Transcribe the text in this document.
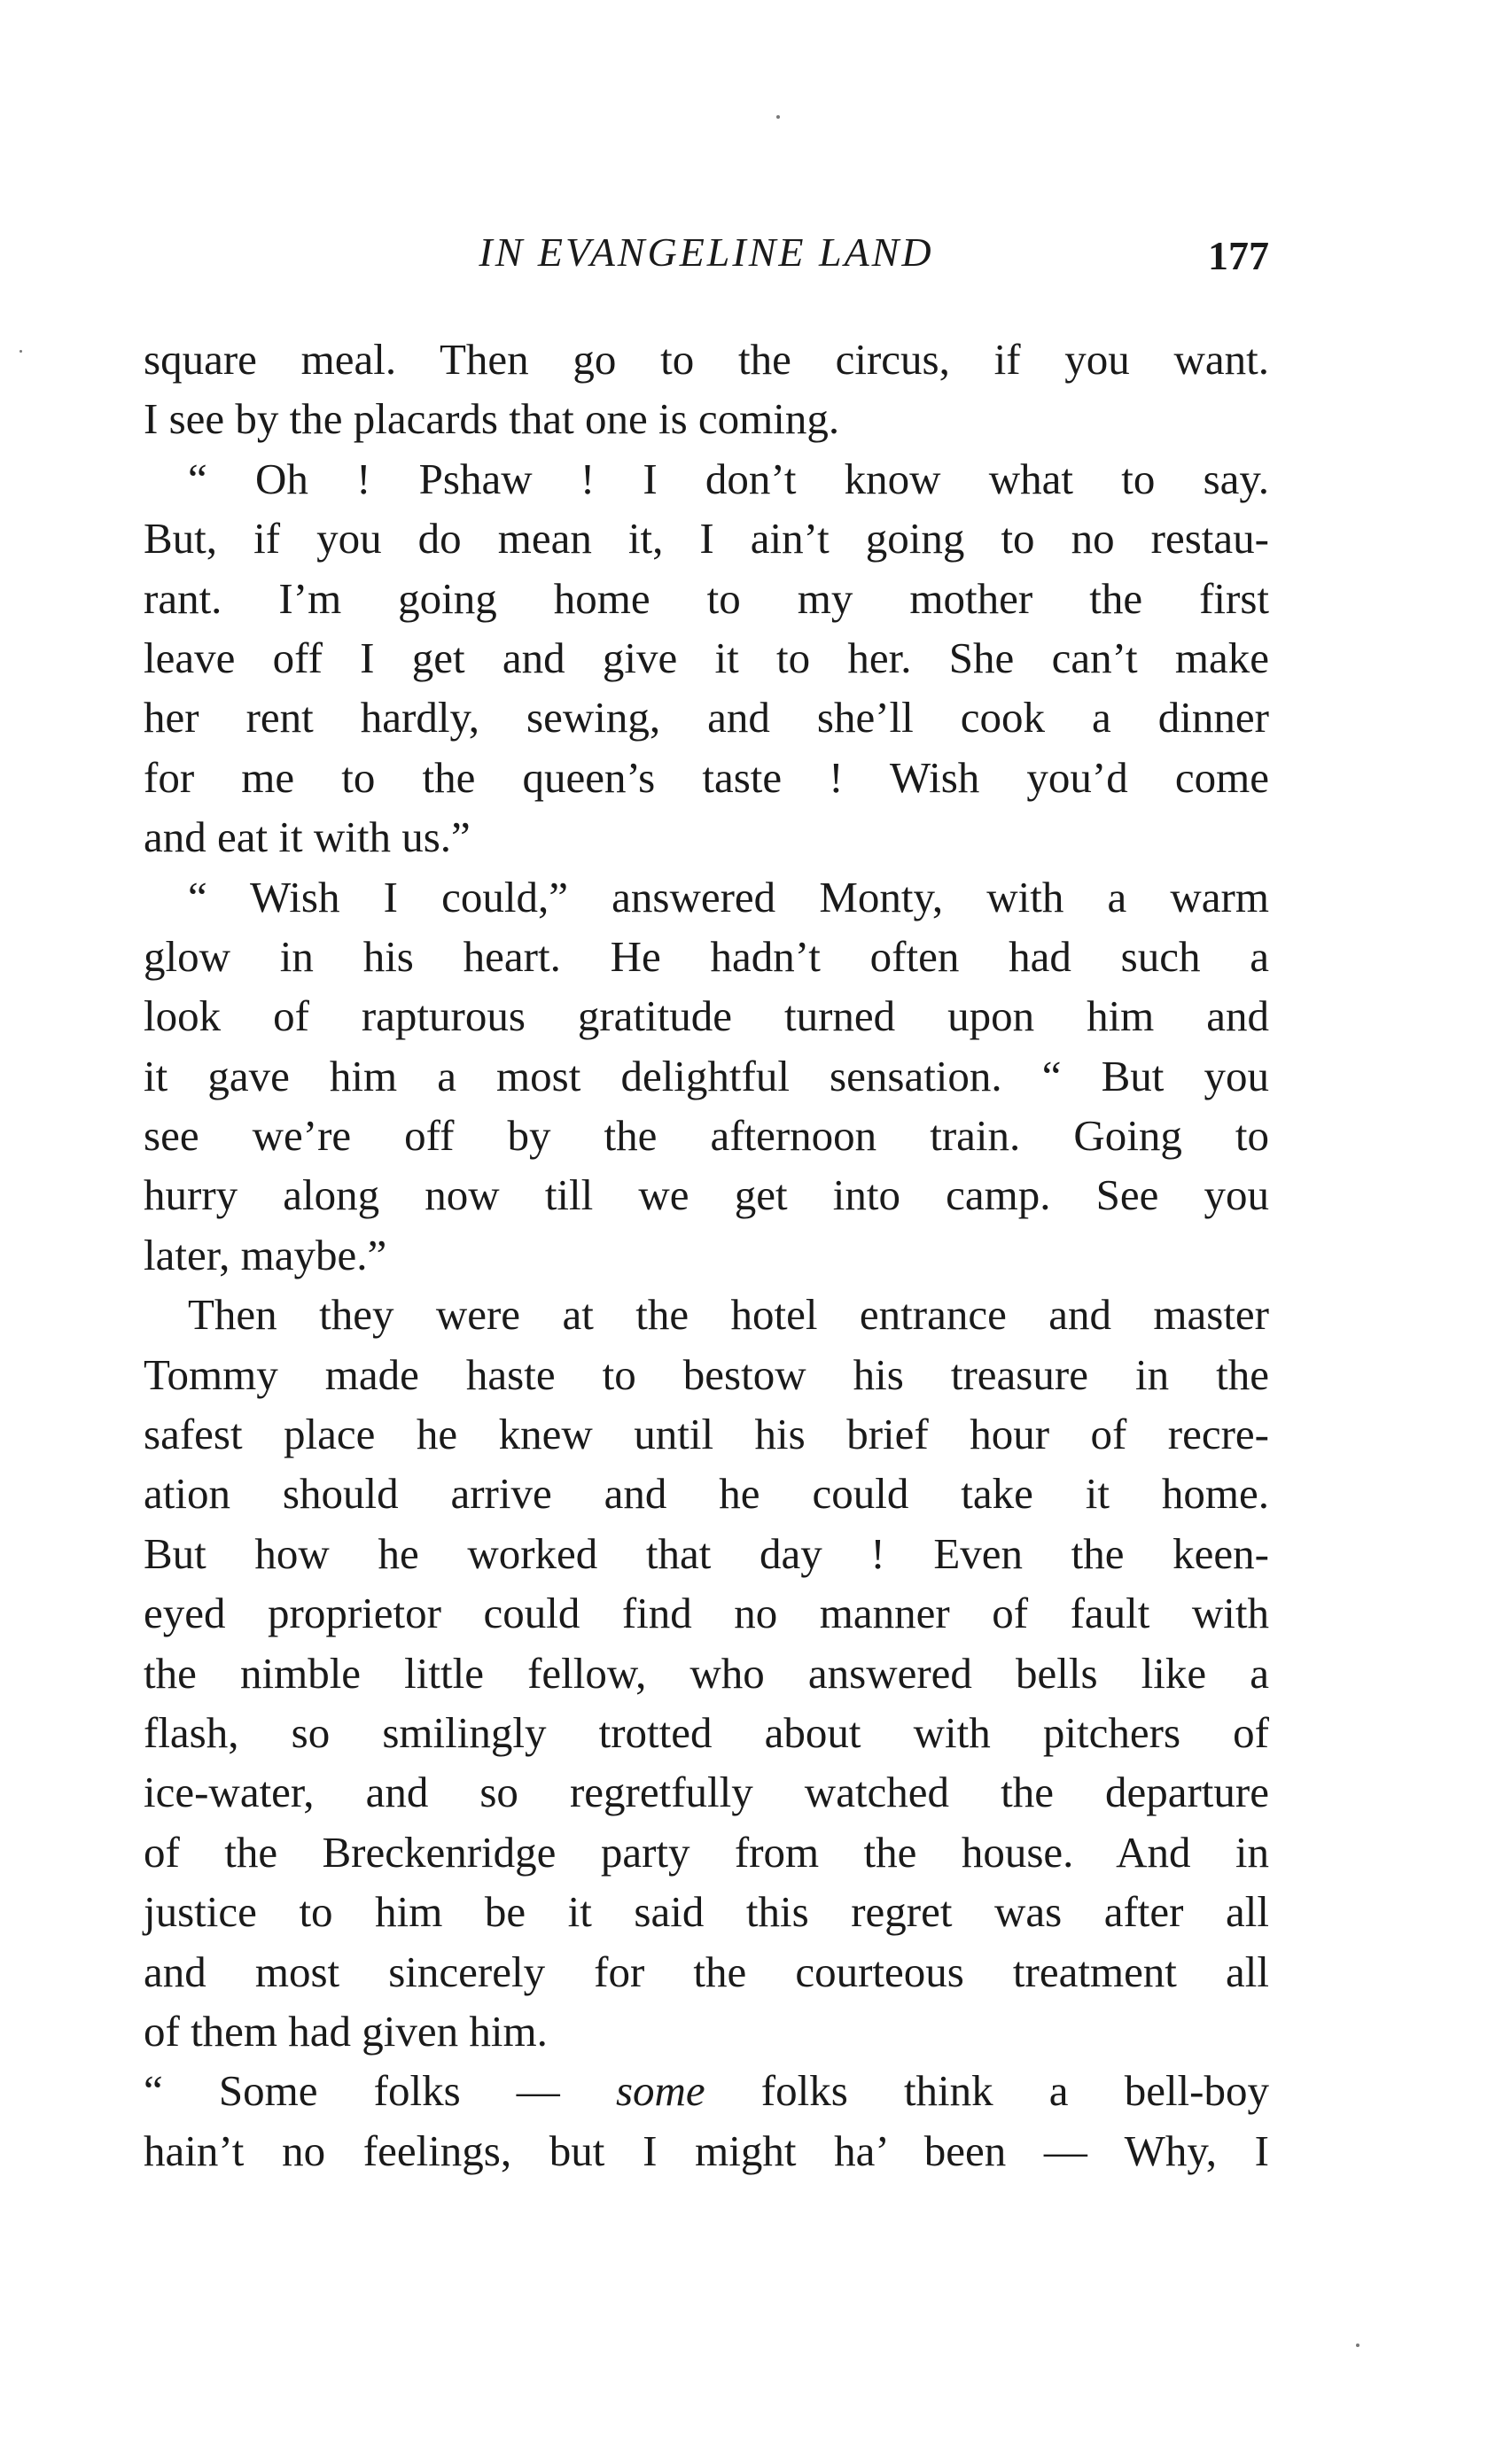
IN EVANGELINE LAND	177
square meal. Then go to the circus, if you want.
I see by the placards that one is coming.
“ Oh ! Pshaw ! I don’t know what to say.
But, if you do mean it, I ain’t going to no restau-
rant. I’m going home to my mother the first
leave off I get and give it to her. She can’t make
her rent hardly, sewing, and she’ll cook a dinner
for me to the queen’s taste ! Wish you’d come
and eat it with us.”
“ Wish I could,” answered Monty, with a warm
glow in his heart. He hadn’t often had such a
look of rapturous gratitude turned upon him and
it gave him a most delightful sensation. “ But you
see we’re off by the afternoon train. Going to
hurry along now till we get into camp. See you
later, maybe.”
Then they were at the hotel entrance and master
Tommy made haste to bestow his treasure in the
safest place he knew until his brief hour of recre-
ation should arrive and he could take it home.
But how he worked that day ! Even the keen-
eyed proprietor could find no manner of fault with
the nimble little fellow, who answered bells like a
flash, so smilingly trotted about with pitchers of
ice-water, and so regretfully watched the departure
of the Breckenridge party from the house. And in
justice to him be it said this regret was after all
and most sincerely for the courteous treatment all
of them had given him.
“ Some folks — some folks think a bell-boy
hain’t no feelings, but I might ha’ been — Why, I
